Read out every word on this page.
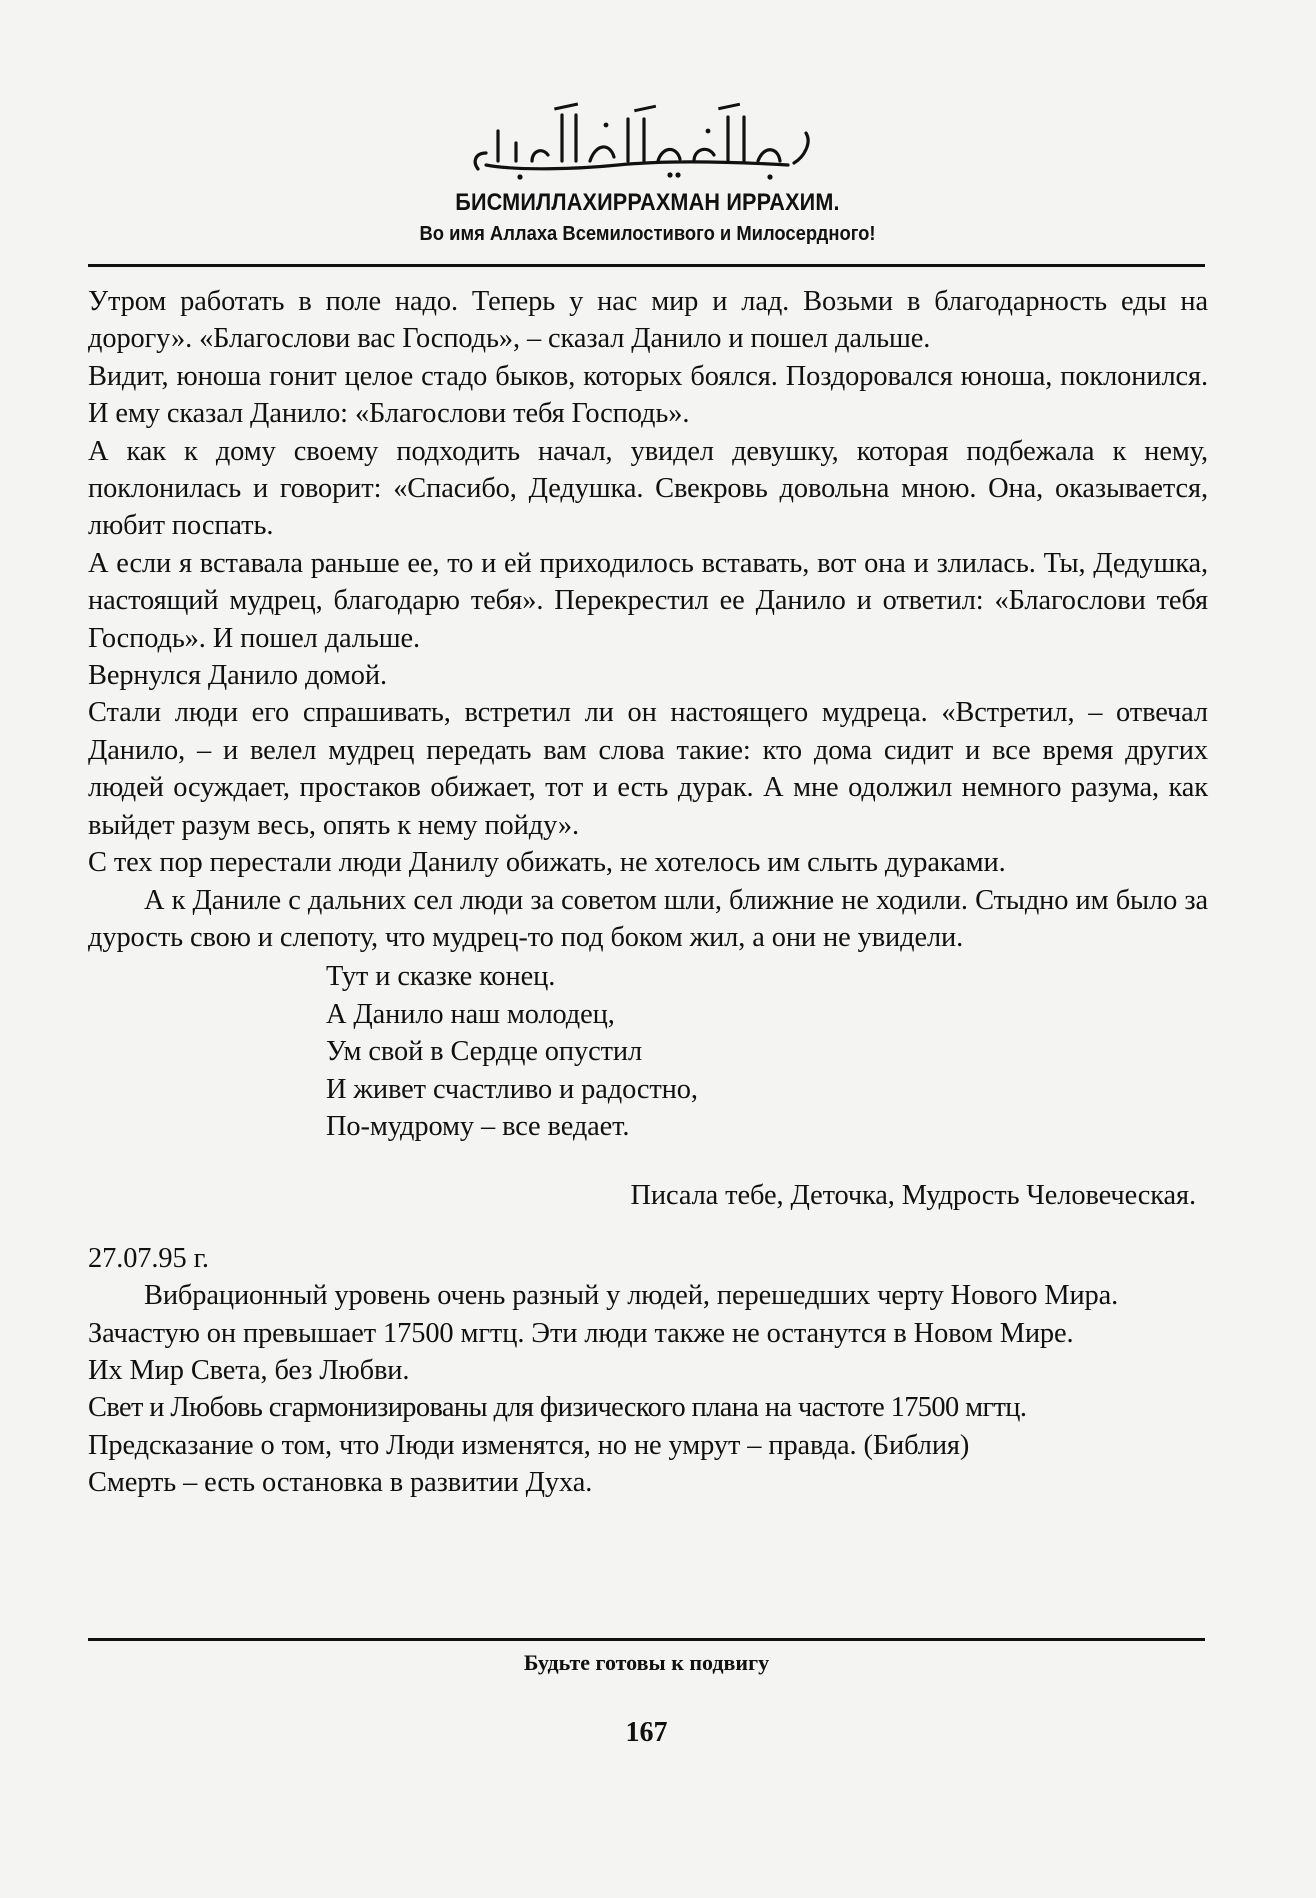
БИСМИЛЛАХИРРАХМАН ИРРАХИМ.
Во имя Аллаха Всемилостивого и Милосердного!

Утром работать в поле надо. Теперь у нас мир и лад. Возьми в благодарность еды на дорогу». «Благослови вас Господь», – сказал Данило и пошел дальше.

Видит, юноша гонит целое стадо быков, которых боялся. Поздоровался юноша, поклонился. И ему сказал Данило: «Благослови тебя Господь».

А как к дому своему подходить начал, увидел девушку, которая подбежала к нему, поклонилась и говорит: «Спасибо, Дедушка. Свекровь довольна мною. Она, оказывается, любит поспать.

А если я вставала раньше ее, то и ей приходилось вставать, вот она и злилась. Ты, Дедушка, настоящий мудрец, благодарю тебя». Перекрестил ее Данило и ответил: «Благослови тебя Господь». И пошел дальше.

Вернулся Данило домой.

Стали люди его спрашивать, встретил ли он настоящего мудреца. «Встретил, – отвечал Данило, – и велел мудрец передать вам слова такие: кто дома сидит и все время других людей осуждает, простаков обижает, тот и есть дурак. А мне одолжил немного разума, как выйдет разум весь, опять к нему пойду».

С тех пор перестали люди Данилу обижать, не хотелось им слыть дураками.

А к Даниле с дальних сел люди за советом шли, ближние не ходили. Стыдно им было за дурость свою и слепоту, что мудрец-то под боком жил, а они не увидели.

Тут и сказке конец.
А Данило наш молодец,
Ум свой в Сердце опустил
И живет счастливо и радостно,
По-мудрому – все ведает.
Писала тебе, Деточка, Мудрость Человеческая.
27.07.95 г.

Вибрационный уровень очень разный у людей, перешедших черту Нового Мира.

Зачастую он превышает 17500 мгтц. Эти люди также не останутся в Новом Мире.

Их Мир Света, без Любви.

Свет и Любовь сгармонизированы для физического плана на частоте 17500 мгтц.

Предсказание о том, что Люди изменятся, но не умрут – правда. (Библия)

Смерть – есть остановка в развитии Духа.

Будьте готовы к подвигу
167
